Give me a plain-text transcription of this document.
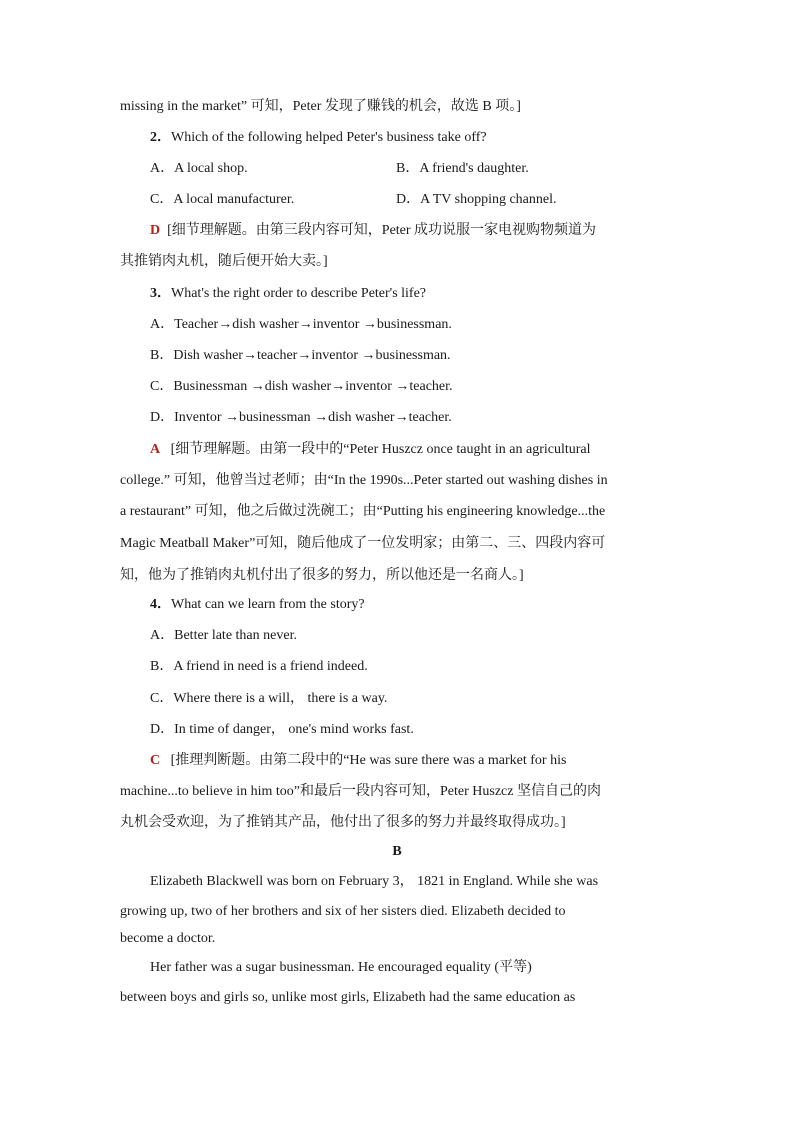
missing in the market” 可知，Peter 发现了赚钱的机会，故选 B 项。]
2．Which of the following helped Peter's business take off?
A．A local shop.	B．A friend's daughter.
C．A local manufacturer.	D．A TV shopping channel.
D [细节理解题。由第三段内容可知，Peter 成功说服一家电视购物频道为
其推销肉丸机，随后便开始大卖。]
3．What's the right order to describe Peter's life?
A．Teacher→dish washer→inventor →businessman.
B．Dish washer→teacher→inventor →businessman.
C．Businessman →dish washer→inventor →teacher.
D．Inventor →businessman →dish washer→teacher.
A [细节理解题。由第一段中的“Peter Huszcz once taught in an agricultural
college.” 可知，他曾当过老师；由“In the 1990s...Peter started out washing dishes in
a restaurant” 可知，他之后做过洗碗工；由“Putting his engineering knowledge...the
Magic Meatball Maker”可知，随后他成了一位发明家；由第二、三、四段内容可
知，他为了推销肉丸机付出了很多的努力，所以他还是一名商人。]
4．What can we learn from the story?
A．Better late than never.
B．A friend in need is a friend indeed.
C．Where there is a will， there is a way.
D．In time of danger， one's mind works fast.
C [推理判断题。由第二段中的“He was sure there was a market for his
machine...to believe in him too”和最后一段内容可知，Peter Huszcz 坚信自己的肉
丸机会受欢迎，为了推销其产品，他付出了很多的努力并最终取得成功。]
B
Elizabeth Blackwell was born on February 3， 1821 in England. While she was
growing up, two of her brothers and six of her sisters died. Elizabeth decided to
become a doctor.
Her father was a sugar businessman. He encouraged equality (平等)
between boys and girls so, unlike most girls, Elizabeth had the same education as
